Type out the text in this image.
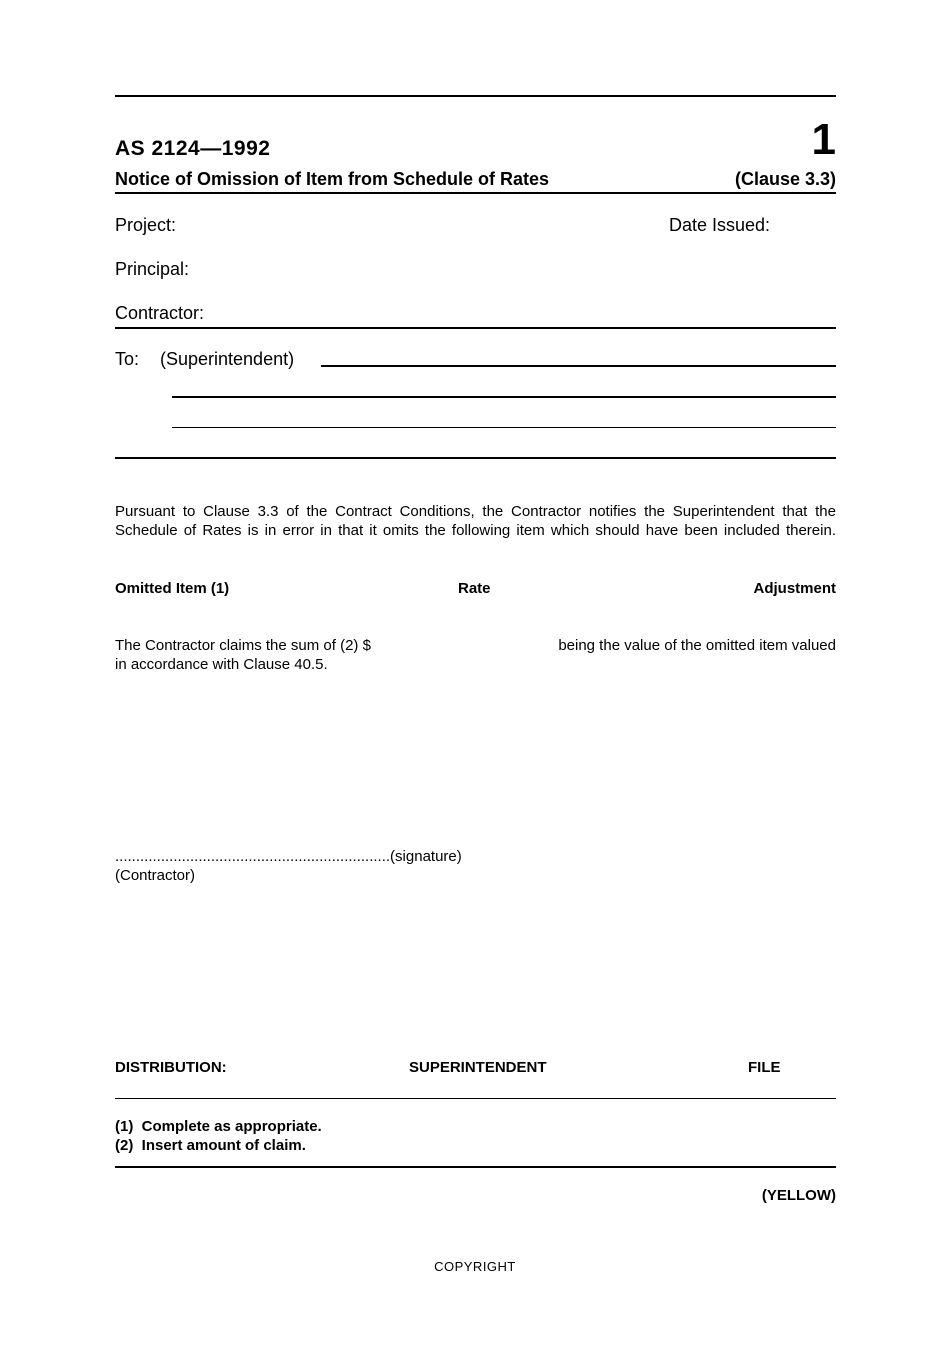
AS 2124—1992	1
Notice of Omission of Item from Schedule of Rates	(Clause 3.3)
Project:	Date Issued:
Principal:
Contractor:
To: (Superintendent)
Pursuant to Clause 3.3 of the Contract Conditions, the Contractor notifies the Superintendent that the
Schedule of Rates is in error in that it omits the following item which should have been included therein.
Omitted Item (1)	Rate	Adjustment
The Contractor claims the sum of (2) $	being the value of the omitted item valued
in accordance with Clause 40.5.
..................................................................(signature)
(Contractor)
DISTRIBUTION:	SUPERINTENDENT	FILE
(1)  Complete as appropriate.
(2)  Insert amount of claim.
(YELLOW)
COPYRIGHT
